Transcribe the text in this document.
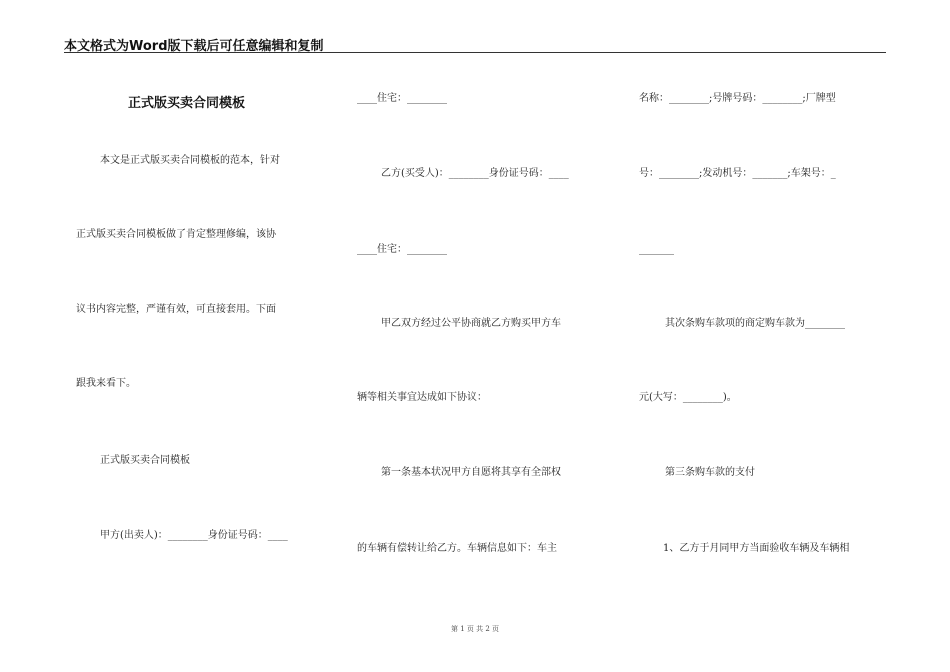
本文格式为Word版下载后可任意编辑和复制
正式版买卖合同模板
本文是正式版买卖合同模板的范本，针对
正式版买卖合同模板做了肯定整理修编，该协
议书内容完整，严谨有效，可直接套用。下面
跟我来看下。
正式版买卖合同模板
甲方(出卖人)：________身份证号码：____
____住宅：________
乙方(买受人)：________身份证号码：____
____住宅：________
甲乙双方经过公平协商就乙方购买甲方车
辆等相关事宜达成如下协议：
第一条基本状况甲方自愿将其享有全部权
的车辆有偿转让给乙方。车辆信息如下：车主
名称：________;号牌号码：________;厂牌型
号：________;发动机号：_______;车架号：_
_______
其次条购车款项的商定购车款为________
元(大写：________)。
第三条购车款的支付
1、乙方于月同甲方当面验收车辆及车辆相
第 1 页 共 2 页
